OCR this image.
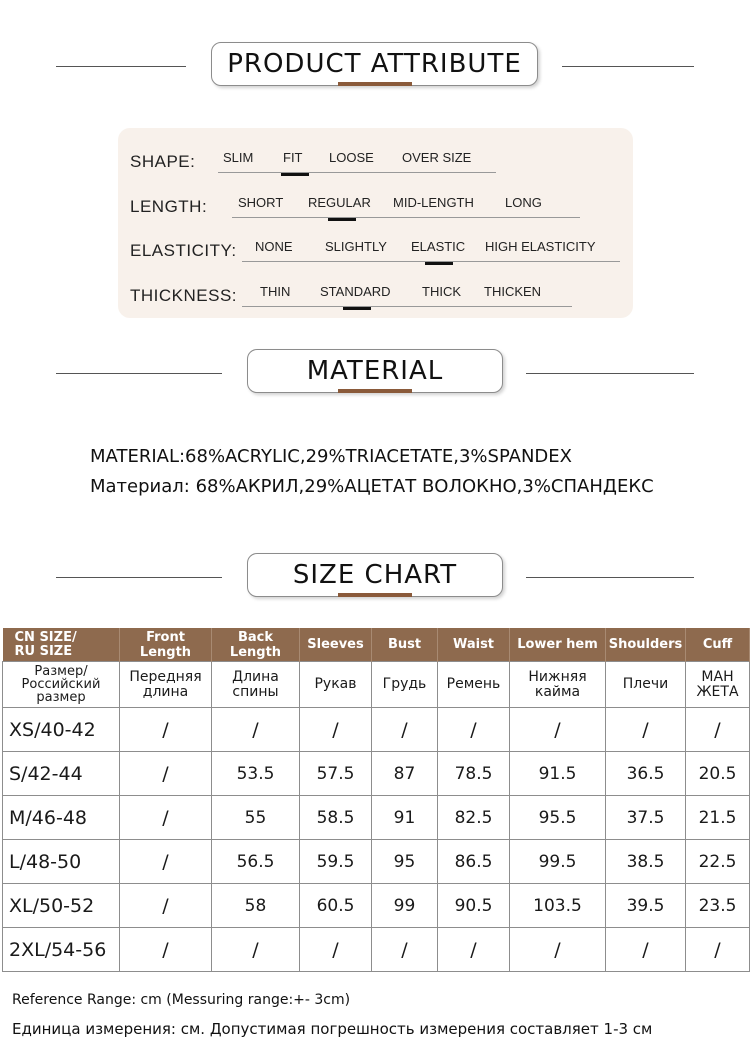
PRODUCT ATTRIBUTE
SHAPE: SLIM FIT LOOSE OVER SIZE
LENGTH: SHORT REGULAR MID-LENGTH LONG
ELASTICITY: NONE SLIGHTLY ELASTIC HIGH ELASTICITY
THICKNESS: THIN STANDARD THICK THICKEN
MATERIAL
MATERIAL:68%ACRYLIC,29%TRIACETATE,3%SPANDEX
Материал: 68%АКРИЛ,29%АЦЕТАТ ВОЛОКНО,3%СПАНДЕКС
SIZE CHART
CN SIZE/
RU SIZE	Front Length	Back Length	Sleeves	Bust	Waist	Lower hem	Shoulders	Cuff
Размер/
Российский
размер	Передняя
длина	Длина
спины	Рукав	Грудь	Ремень	Нижняя
кайма	Плечи	МАН
ЖЕТА
XS/40-42	/	/	/	/	/	/	/	/
S/42-44	/	53.5	57.5	87	78.5	91.5	36.5	20.5
M/46-48	/	55	58.5	91	82.5	95.5	37.5	21.5
L/48-50	/	56.5	59.5	95	86.5	99.5	38.5	22.5
XL/50-52	/	58	60.5	99	90.5	103.5	39.5	23.5
2XL/54-56	/	/	/	/	/	/	/	/
Reference Range: cm (Messuring range:+- 3cm)
Единица измерения: см. Допустимая погрешность измерения составляет 1-3 см
